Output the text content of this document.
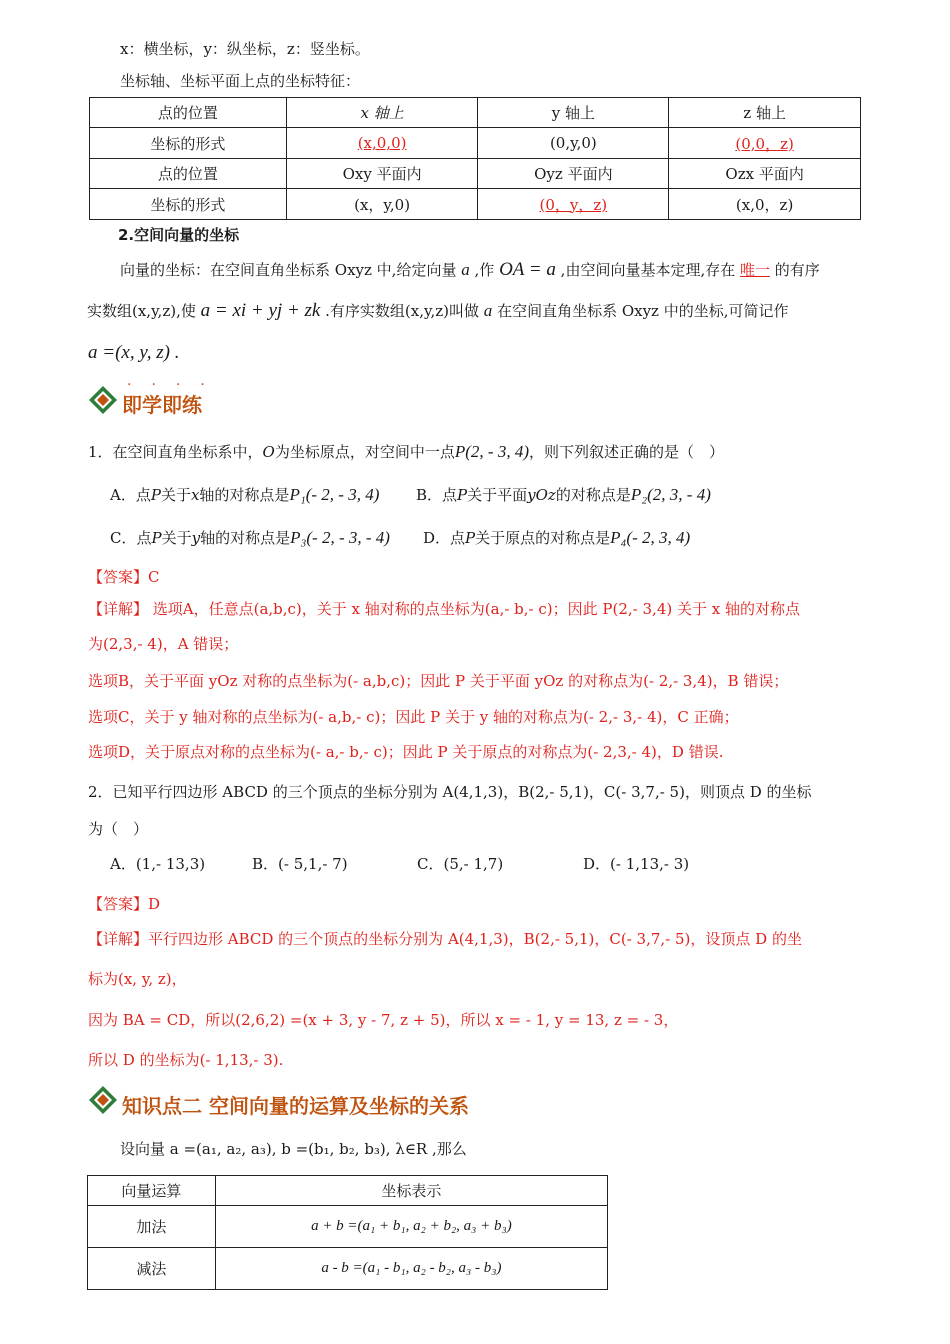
x：横坐标，y：纵坐标，z：竖坐标。
坐标轴、坐标平面上点的坐标特征：
点的位置	x 轴上	y 轴上	z 轴上
坐标的形式	(x,0,0)	(0,y,0)	(0,0，z)
点的位置	Oxy 平面内	Oyz 平面内	Ozx 平面内
坐标的形式	(x，y,0)	(0，y，z)	(x,0，z)
2.空间向量的坐标
向量的坐标：在空间直角坐标系 Oxyz 中,给定向量 a ,作 OA = a ,由空间向量基本定理,存在 唯一 的有序
实数组(x,y,z),使 a = xi + yj + zk .有序实数组(x,y,z)叫做 a 在空间直角坐标系 Oxyz 中的坐标,可简记作
a =(x, y, z) .
····
即学即练
1．在空间直角坐标系中，O为坐标原点，对空间中一点P(2, - 3, 4)，则下列叙述正确的是（　）
A．点P关于x轴的对称点是P₁(- 2, - 3, 4) B．点P关于平面yOz的对称点是P₂(2, 3, - 4)
C．点P关于y轴的对称点是P₃(- 2, - 3, - 4) D．点P关于原点的对称点是P₄(- 2, 3, 4)
【答案】C
【详解】 选项A，任意点(a,b,c)，关于 x 轴对称的点坐标为(a,- b,- c)；因此 P(2,- 3,4) 关于 x 轴的对称点
为(2,3,- 4)，A 错误；
选项B，关于平面 yOz 对称的点坐标为(- a,b,c)；因此 P 关于平面 yOz 的对称点为(- 2,- 3,4)，B 错误；
选项C，关于 y 轴对称的点坐标为(- a,b,- c)；因此 P 关于 y 轴的对称点为(- 2,- 3,- 4)，C 正确；
选项D，关于原点对称的点坐标为(- a,- b,- c)；因此 P 关于原点的对称点为(- 2,3,- 4)，D 错误.
2．已知平行四边形 ABCD 的三个顶点的坐标分别为 A(4,1,3)，B(2,- 5,1)，C(- 3,7,- 5)，则顶点 D 的坐标
为（　）
A．(1,- 13,3)	B．(- 5,1,- 7)	C．(5,- 1,7)	D．(- 1,13,- 3)
【答案】D
【详解】平行四边形 ABCD 的三个顶点的坐标分别为 A(4,1,3)，B(2,- 5,1)，C(- 3,7,- 5)，设顶点 D 的坐
标为(x, y, z)，
因为 BA = CD，所以(2,6,2) =(x + 3, y - 7, z + 5)，所以 x = - 1, y = 13, z = - 3，
所以 D 的坐标为(- 1,13,- 3).
知识点二 空间向量的运算及坐标的关系
设向量 a =(a₁, a₂, a₃), b =(b₁, b₂, b₃), λ∈R ,那么
向量运算	坐标表示
加法	a + b =(a₁ + b₁, a₂ + b₂, a₃ + b₃)
减法	a - b =(a₁ - b₁, a₂ - b₂, a₃ - b₃)
